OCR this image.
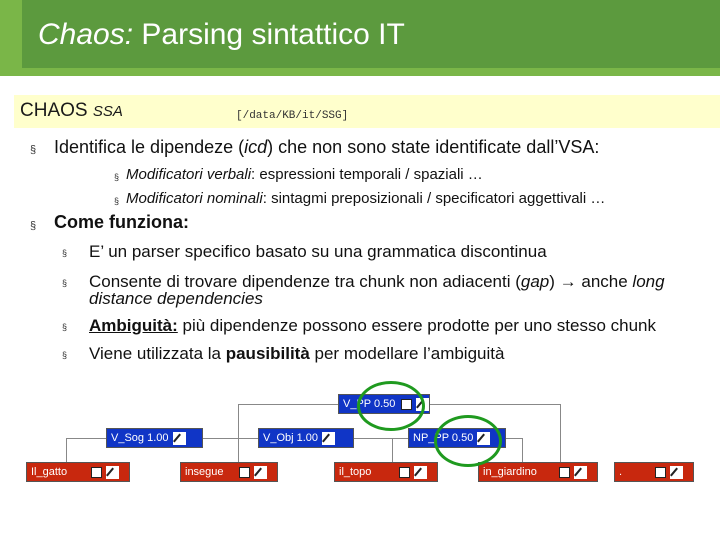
Chaos: Parsing sintattico IT
CHAOS SSA	[/data/KB/it/SSG]
§ Identifica le dipendeze (icd) che non sono state identificate dall’VSA:
§ Modificatori verbali: espressioni temporali / spaziali …
§ Modificatori nominali: sintagmi preposizionali / specificatori aggettivali …
§ Come funziona:
§ E’ un parser specifico basato su una grammatica discontinua
§ Consente di trovare dipendenze tra chunk non adiacenti (gap) → anche long
distance dependencies
§ Ambiguità: più dipendenze possono essere prodotte per uno stesso chunk
§ Viene utilizzata la pausibilità per modellare l’ambiguità
V_PP 0.50
V_Sog 1.00	V_Obj 1.00	NP_PP 0.50
Il_gatto	insegue	il_topo	in_giardino	.
